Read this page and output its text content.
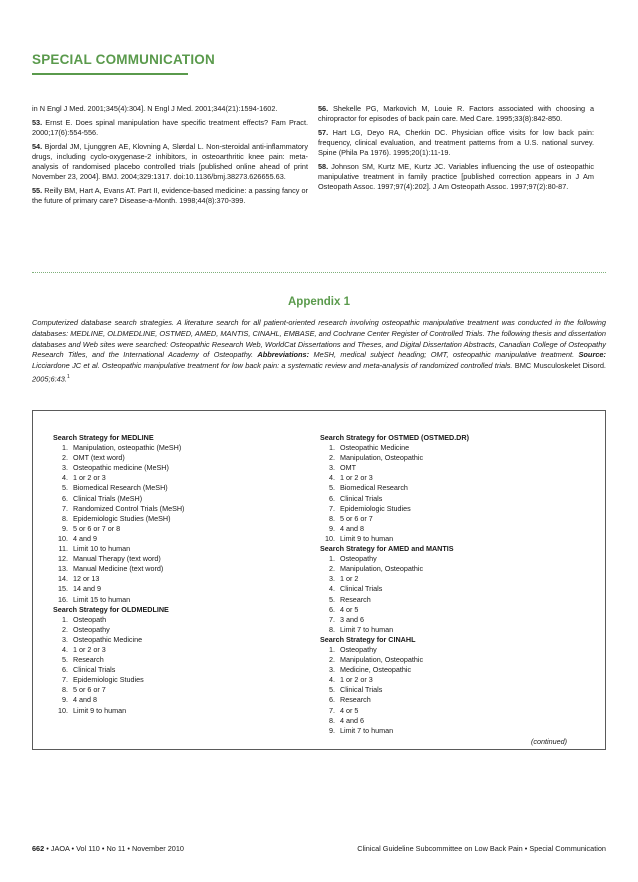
SPECIAL COMMUNICATION
in N Engl J Med. 2001;345(4):304]. N Engl J Med. 2001;344(21):1594-1602.
53. Ernst E. Does spinal manipulation have specific treatment effects? Fam Pract. 2000;17(6):554-556.
54. Bjordal JM, Ljunggren AE, Klovning A, Slørdal L. Non-steroidal anti-inflammatory drugs, including cyclo-oxygenase-2 inhibitors, in osteoarthritic knee pain: meta-analysis of randomised placebo controlled trials [published online ahead of print November 23, 2004]. BMJ. 2004;329:1317. doi:10.1136/bmj.38273.626655.63.
55. Reilly BM, Hart A, Evans AT. Part II, evidence-based medicine: a passing fancy or the future of primary care? Disease-a-Month. 1998;44(8):370-399.
56. Shekelle PG, Markovich M, Louie R. Factors associated with choosing a chiropractor for episodes of back pain care. Med Care. 1995;33(8):842-850.
57. Hart LG, Deyo RA, Cherkin DC. Physician office visits for low back pain: frequency, clinical evaluation, and treatment patterns from a U.S. national survey. Spine (Phila Pa 1976). 1995;20(1):11-19.
58. Johnson SM, Kurtz ME, Kurtz JC. Variables influencing the use of osteopathic manipulative treatment in family practice [published correction appears in J Am Osteopath Assoc. 1997;97(4):202]. J Am Osteopath Assoc. 1997;97(2):80-87.
Appendix 1
Computerized database search strategies. A literature search for all patient-oriented research involving osteopathic manipulative treatment was conducted in the following databases: MEDLINE, OLDMEDLINE, OSTMED, AMED, MANTIS, CINAHL, EMBASE, and Cochrane Center Register of Controlled Trials. The following thesis and dissertation databases and Web sites were searched: Osteopathic Research Web, WorldCat Dissertations and Theses, and Digital Dissertation Abstracts, Canadian College of Osteopathy Research Titles, and the International Academy of Osteopathy. Abbreviations: MeSH, medical subject heading; OMT, osteopathic manipulative treatment. Source: Licciardone JC et al. Osteopathic manipulative treatment for low back pain: a systematic review and meta-analysis of randomized controlled trials. BMC Musculoskelet Disord. 2005;6:43.$^1$
Search Strategy for MEDLINE
1. Manipulation, osteopathic (MeSH)
2. OMT (text word)
3. Osteopathic medicine (MeSH)
4. 1 or 2 or 3
5. Biomedical Research (MeSH)
6. Clinical Trials (MeSH)
7. Randomized Control Trials (MeSH)
8. Epidemiologic Studies (MeSH)
9. 5 or 6 or 7 or 8
10. 4 and 9
11. Limit 10 to human
12. Manual Therapy (text word)
13. Manual Medicine (text word)
14. 12 or 13
15. 14 and 9
16. Limit 15 to human
Search Strategy for OLDMEDLINE
1. Osteopath
2. Osteopathy
3. Osteopathic Medicine
4. 1 or 2 or 3
5. Research
6. Clinical Trials
7. Epidemiologic Studies
8. 5 or 6 or 7
9. 4 and 8
10. Limit 9 to human
Search Strategy for OSTMED (OSTMED.DR)
1. Osteopathic Medicine
2. Manipulation, Osteopathic
3. OMT
4. 1 or 2 or 3
5. Biomedical Research
6. Clinical Trials
7. Epidemiologic Studies
8. 5 or 6 or 7
9. 4 and 8
10. Limit 9 to human
Search Strategy for AMED and MANTIS
1. Osteopathy
2. Manipulation, Osteopathic
3. 1 or 2
4. Clinical Trials
5. Research
6. 4 or 5
7. 3 and 6
8. Limit 7 to human
Search Strategy for CINAHL
1. Osteopathy
2. Manipulation, Osteopathic
3. Medicine, Osteopathic
4. 1 or 2 or 3
5. Clinical Trials
6. Research
7. 4 or 5
8. 4 and 6
9. Limit 7 to human
(continued)
662 • JAOA • Vol 110 • No 11 • November 2010	Clinical Guideline Subcommittee on Low Back Pain • Special Communication
